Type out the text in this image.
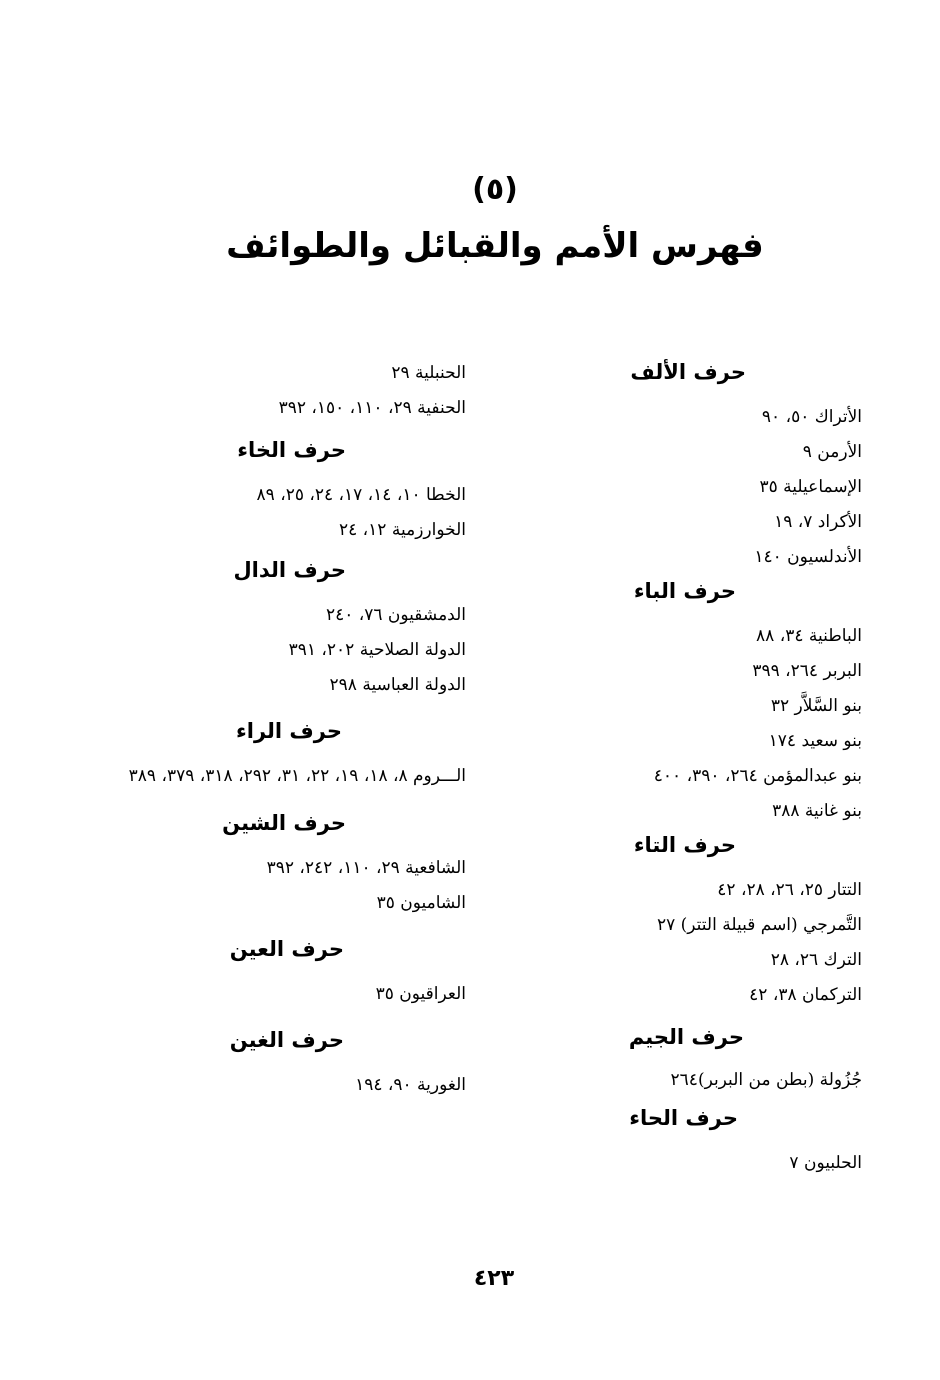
(٥)
فهرس الأمم والقبائل والطوائف
حرف الألف
الأتراك ٥٠، ٩٠
الأرمن ٩
الإسماعيلية ٣٥
الأكراد ٧، ١٩
الأندلسيون ١٤٠
حرف الباء
الباطنية ٣٤، ٨٨
البربر ٢٦٤، ٣٩٩
بنو السَّلاَّر ٣٢
بنو سعيد ١٧٤
بنو عبدالمؤمن ٢٦٤، ٣٩٠، ٤٠٠
بنو غانية ٣٨٨
حرف التاء
التتار ٢٥، ٢٦، ٢٨، ٤٢
التَّمرجي (اسم قبيلة التتر) ٢٧
الترك ٢٦، ٢٨
التركمان ٣٨، ٤٢
حرف الجيم
جُزُولة (بطن من البربر)٢٦٤
حرف الحاء
الحلبيون ٧
الحنبلية ٢٩
الحنفية ٢٩، ١١٠، ١٥٠، ٣٩٢
حرف الخاء
الخطا ١٠، ١٤، ١٧، ٢٤، ٢٥، ٨٩
الخوارزمية ١٢، ٢٤
حرف الدال
الدمشقيون ٧٦، ٢٤٠
الدولة الصلاحية ٢٠٢، ٣٩١
الدولة العباسية ٢٩٨
حرف الراء
الـــروم ٨، ١٨، ١٩، ٢٢، ٣١، ٢٩٢، ٣١٨، ٣٧٩، ٣٨٩
حرف الشين
الشافعية ٢٩، ١١٠، ٢٤٢، ٣٩٢
الشاميون ٣٥
حرف العين
العراقيون ٣٥
حرف الغين
الغورية ٩٠، ١٩٤
٤٢٣
